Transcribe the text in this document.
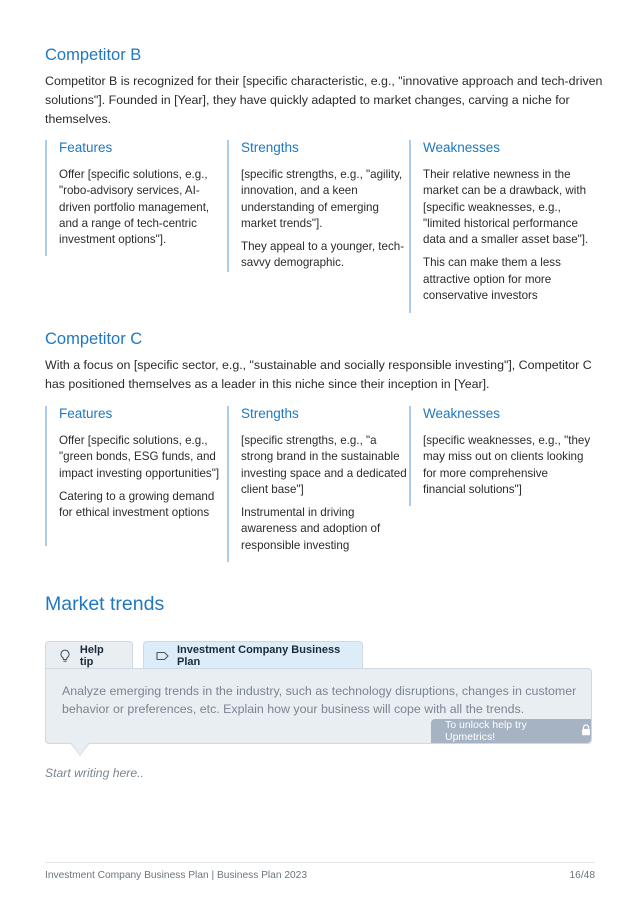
Competitor B
Competitor B is recognized for their [specific characteristic, e.g., "innovative approach and tech-driven solutions"]. Founded in [Year], they have quickly adapted to market changes, carving a niche for themselves.
Features

Offer [specific solutions, e.g., "robo-advisory services, AI-driven portfolio management, and a range of tech-centric investment options"].

Strengths

[specific strengths, e.g., "agility, innovation, and a keen understanding of emerging market trends"].

They appeal to a younger, tech-savvy demographic.

Weaknesses

Their relative newness in the market can be a drawback, with [specific weaknesses, e.g., "limited historical performance data and a smaller asset base"].

This can make them a less attractive option for more conservative investors

Competitor C
With a focus on [specific sector, e.g., "sustainable and socially responsible investing"], Competitor C has positioned themselves as a leader in this niche since their inception in [Year].
Features

Offer [specific solutions, e.g., "green bonds, ESG funds, and impact investing opportunities"]

Catering to a growing demand for ethical investment options

Strengths

[specific strengths, e.g., "a strong brand in the sustainable investing space and a dedicated client base"]

Instrumental in driving awareness and adoption of responsible investing

Weaknesses

[specific weaknesses, e.g., "they may miss out on clients looking for more comprehensive financial solutions"]

Market trends
Help tip
Investment Company Business Plan
Analyze emerging trends in the industry, such as technology disruptions, changes in customer behavior or preferences, etc. Explain how your business will cope with all the trends.
To unlock help try Upmetrics!
Start writing here..
Investment Company Business Plan | Business Plan 2023	16/48
